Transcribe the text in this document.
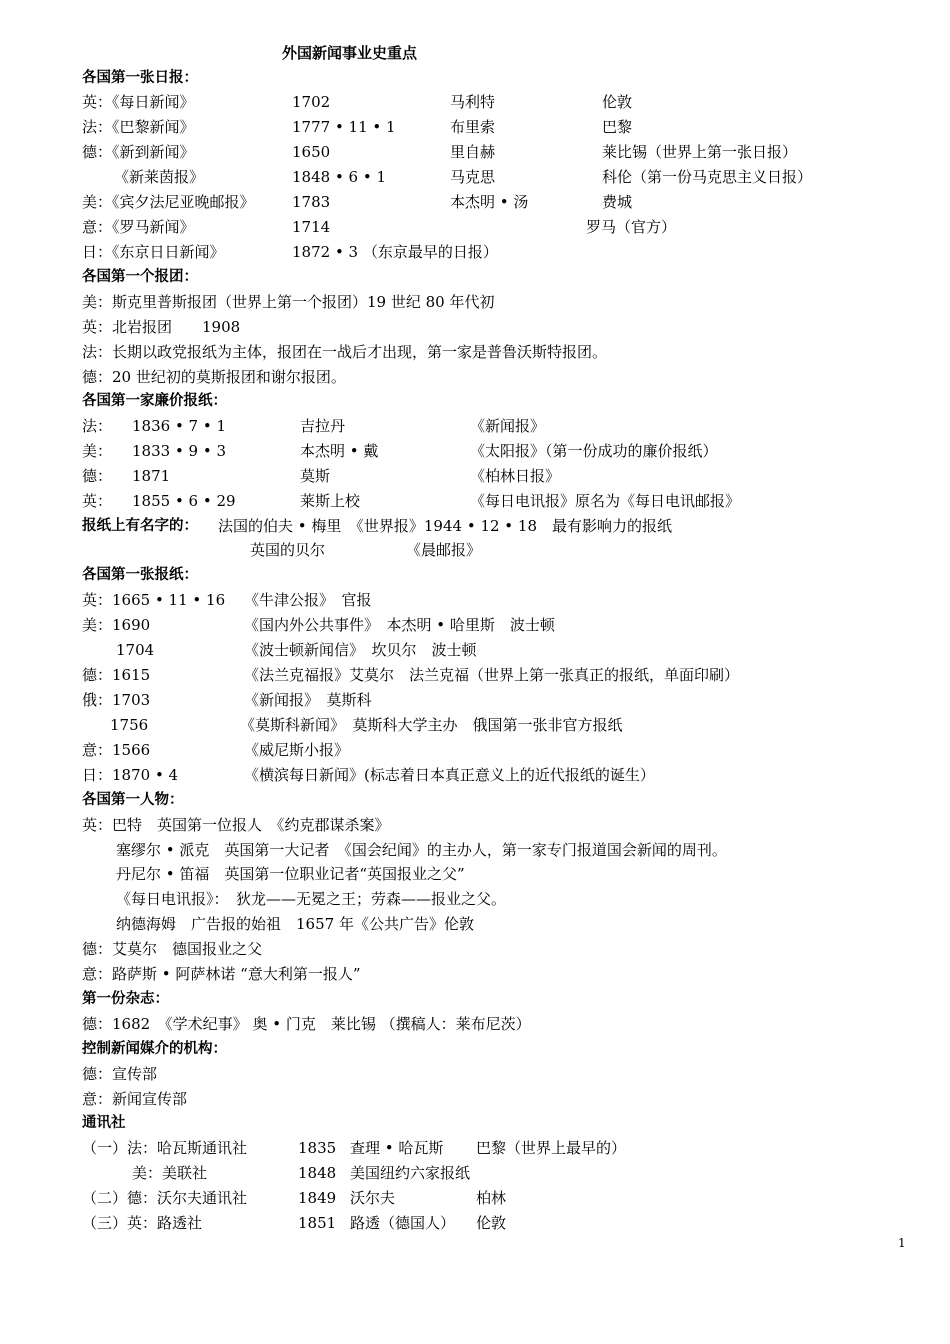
外国新闻事业史重点
各国第一张日报：
英：《每日新闻》	1702	马利特	伦敦
法：《巴黎新闻》	1777 • 11 • 1	布里索	巴黎
德：《新到新闻》	1650	里自赫	莱比锡（世界上第一张日报）
《新莱茵报》	1848 • 6 • 1	马克思	科伦（第一份马克思主义日报）
美：《宾夕法尼亚晚邮报》 1783	本杰明 • 汤	费城
意：《罗马新闻》	1714	罗马（官方）
日：《东京日日新闻》	1872 • 3 （东京最早的日报）
各国第一个报团：
美：斯克里普斯报团（世界上第一个报团）19 世纪 80 年代初
英：北岩报团　　1908
法：长期以政党报纸为主体，报团在一战后才出现，第一家是普鲁沃斯特报团。
德：20 世纪初的莫斯报团和谢尔报团。
各国第一家廉价报纸：
法： 1836 • 7 • 1	吉拉丹	《新闻报》
美： 1833 • 9 • 3	本杰明 • 戴	《太阳报》（第一份成功的廉价报纸）
德： 1871	莫斯	《柏林日报》
英： 1855 • 6 • 29	莱斯上校	《每日电讯报》原名为《每日电讯邮报》
报纸上有名字的： 法国的伯夫 • 梅里　《世界报》1944 • 12 • 18　最有影响力的报纸
英国的贝尔	《晨邮报》
各国第一张报纸：
英：1665 • 11 • 16 《牛津公报》　官报
美：1690	《国内外公共事件》　本杰明 • 哈里斯　波士顿
1704	《波士顿新闻信》　坎贝尔　波士顿
德：1615	《法兰克福报》艾莫尔　法兰克福（世界上第一张真正的报纸，单面印刷）
俄：1703	《新闻报》　莫斯科
1756	《莫斯科新闻》　莫斯科大学主办　俄国第一张非官方报纸
意：1566	《威尼斯小报》
日：1870 • 4	《横滨每日新闻》(标志着日本真正意义上的近代报纸的诞生）
各国第一人物：
英：巴特　英国第一位报人　《约克郡谋杀案》
塞缪尔 • 派克　英国第一大记者　《国会纪闻》的主办人，第一家专门报道国会新闻的周刊。
丹尼尔 • 笛福　英国第一位职业记者“英国报业之父”
《每日电讯报》：　狄龙——无冕之王；劳森——报业之父。
纳德海姆　广告报的始祖　1657 年《公共广告》伦敦
德：艾莫尔　德国报业之父
意：路萨斯 • 阿萨林诺 “意大利第一报人”
第一份杂志：
德：1682　《学术纪事》 奥 • 门克　莱比锡 （撰稿人：莱布尼茨）
控制新闻媒介的机构：
德：宣传部
意：新闻宣传部
通讯社
（一）法：哈瓦斯通讯社	1835 查理 • 哈瓦斯 巴黎（世界上最早的）
美：美联社	1848 美国纽约六家报纸
（二）德：沃尔夫通讯社	1849 沃尔夫	柏林
（三）英：路透社	1851 路透（德国人） 伦敦
1
